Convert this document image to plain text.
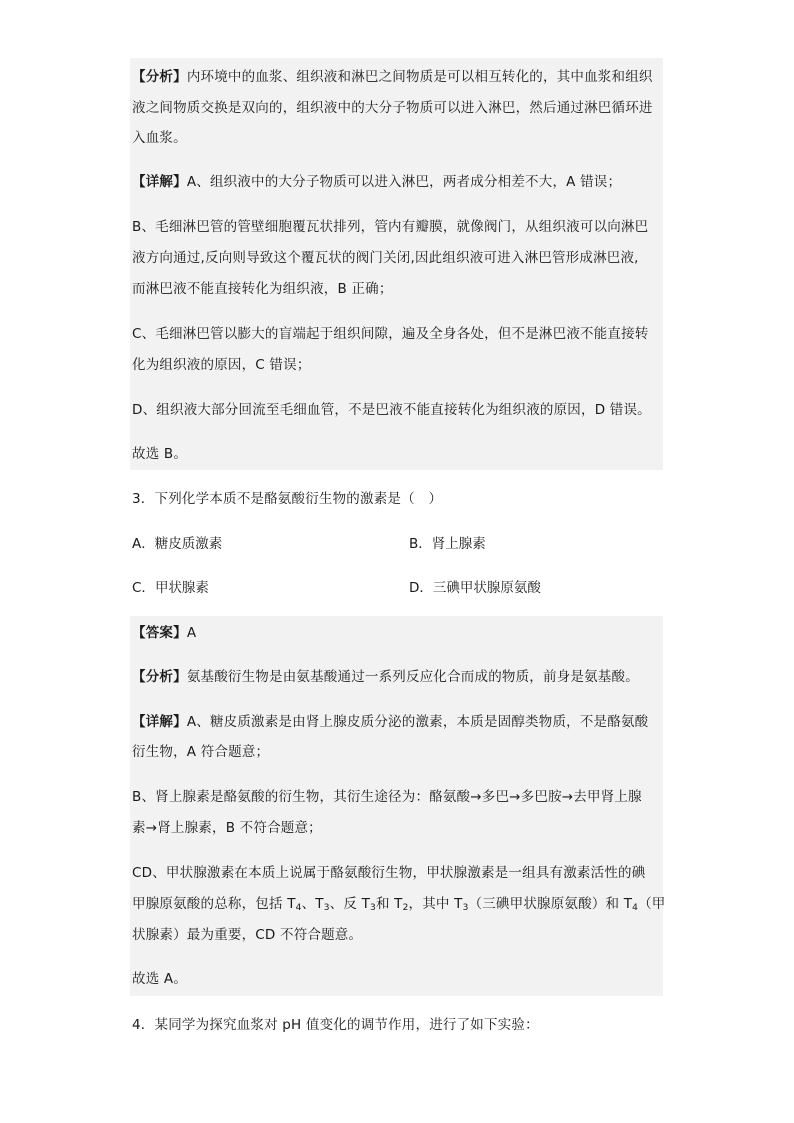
【分析】内环境中的血浆、组织液和淋巴之间物质是可以相互转化的，其中血浆和组织
液之间物质交换是双向的，组织液中的大分子物质可以进入淋巴，然后通过淋巴循环进
入血浆。
【详解】A、组织液中的大分子物质可以进入淋巴，两者成分相差不大，A 错误；
B、毛细淋巴管的管壁细胞覆瓦状排列，管内有瓣膜，就像阀门，从组织液可以向淋巴
液方向通过,反向则导致这个覆瓦状的阀门关闭,因此组织液可进入淋巴管形成淋巴液,
而淋巴液不能直接转化为组织液，B 正确；
C、毛细淋巴管以膨大的盲端起于组织间隙，遍及全身各处，但不是淋巴液不能直接转
化为组织液的原因，C 错误；
D、组织液大部分回流至毛细血管，不是巴液不能直接转化为组织液的原因，D 错误。
故选 B。
3．下列化学本质不是酪氨酸衍生物的激素是（　）
A．糖皮质激素	B．肾上腺素
C．甲状腺素	D．三碘甲状腺原氨酸
【答案】A
【分析】氨基酸衍生物是由氨基酸通过一系列反应化合而成的物质，前身是氨基酸。
【详解】A、糖皮质激素是由肾上腺皮质分泌的激素，本质是固醇类物质，不是酪氨酸
衍生物，A 符合题意；
B、肾上腺素是酪氨酸的衍生物，其衍生途径为：酪氨酸→多巴→多巴胺→去甲肾上腺
素→肾上腺素，B 不符合题意；
CD、甲状腺激素在本质上说属于酪氨酸衍生物，甲状腺激素是一组具有激素活性的碘
甲腺原氨酸的总称，包括 $T_4$、$T_3$、反 $T_3$和 $T_2$，其中 $T_3$（三碘甲状腺原氨酸）和 $T_4$（甲
状腺素）最为重要，CD 不符合题意。
故选 A。
4．某同学为探究血浆对 pH 值变化的调节作用，进行了如下实验：
